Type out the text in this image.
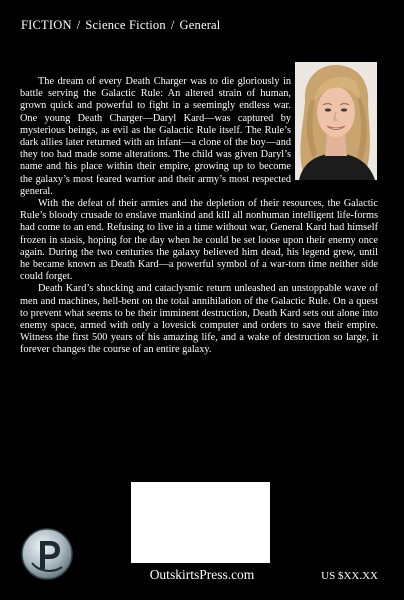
FICTION / Science Fiction / General

The dream of every Death Charger was to die gloriously in battle serving the Galactic Rule: An altered strain of human, grown quick and powerful to fight in a seemingly endless war. One young Death Charger—Daryl Kard—was captured by mysterious beings, as evil as the Galactic Rule itself. The Rule’s dark allies later returned with an infant—a clone of the boy—and they too had made some alterations. The child was given Daryl’s name and his place within their empire, growing up to become the galaxy’s most feared warrior and their army’s most respected general.

With the defeat of their armies and the depletion of their resources, the Galactic Rule’s bloody crusade to enslave mankind and kill all nonhuman intelligent life-forms had come to an end. Refusing to live in a time without war, General Kard had himself frozen in stasis, hoping for the day when he could be set loose upon their enemy once again. During the two centuries the galaxy believed him dead, his legend grew, until he became known as Death Kard—a powerful symbol of a war-torn time neither side could forget.

Death Kard’s shocking and cataclysmic return unleashed an unstoppable wave of men and machines, hell-bent on the total annihilation of the Galactic Rule. On a quest to prevent what seems to be their imminent destruction, Death Kard sets out alone into enemy space, armed with only a lovesick computer and orders to save their empire. Witness the first 500 years of his amazing life, and a wake of destruction so large, it forever changes the course of an entire galaxy.

OutskirtsPress.com	US $XX.XX
